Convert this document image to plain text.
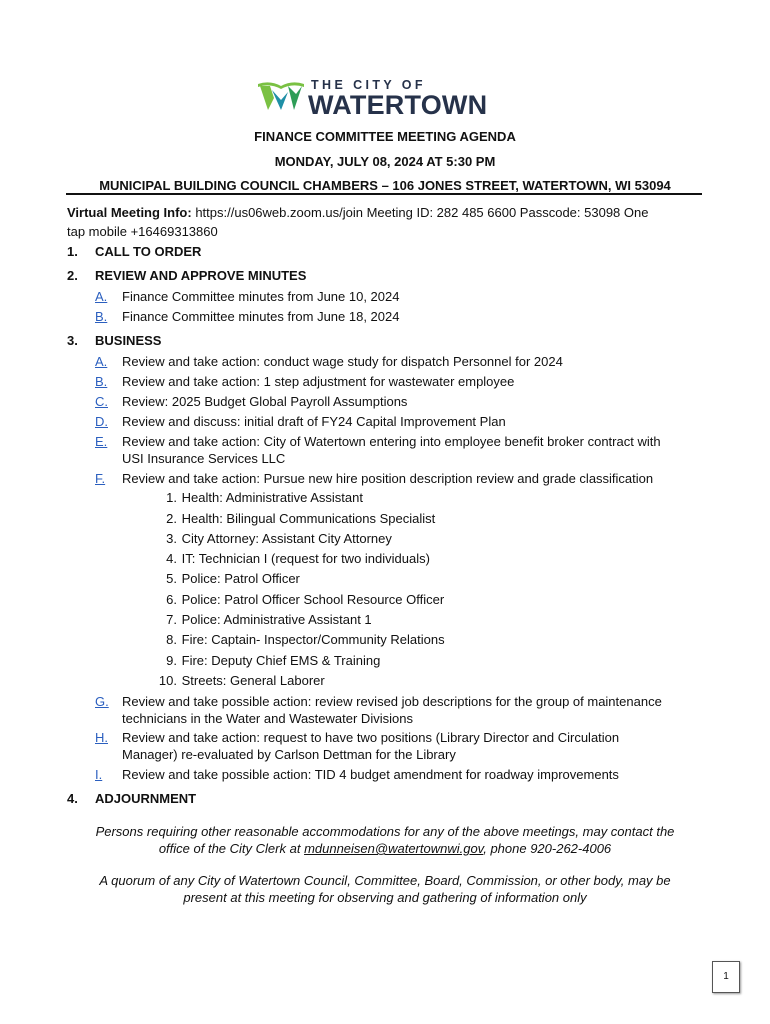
THE CITY OF
WATERTOWN
FINANCE COMMITTEE MEETING AGENDA
MONDAY, JULY 08, 2024 AT 5:30 PM
MUNICIPAL BUILDING COUNCIL CHAMBERS – 106 JONES STREET, WATERTOWN, WI 53094
Virtual Meeting Info: https://us06web.zoom.us/join Meeting ID: 282 485 6600 Passcode: 53098 One
tap mobile +16469313860
1. CALL TO ORDER
2. REVIEW AND APPROVE MINUTES
A. Finance Committee minutes from June 10, 2024
B. Finance Committee minutes from June 18, 2024
3. BUSINESS
A. Review and take action: conduct wage study for dispatch Personnel for 2024
B. Review and take action: 1 step adjustment for wastewater employee
C. Review: 2025 Budget Global Payroll Assumptions
D. Review and discuss: initial draft of FY24 Capital Improvement Plan
E. Review and take action: City of Watertown entering into employee benefit broker contract with
USI Insurance Services LLC
F. Review and take action: Pursue new hire position description review and grade classification
1. Health: Administrative Assistant
2. Health: Bilingual Communications Specialist
3. City Attorney: Assistant City Attorney
4. IT: Technician I (request for two individuals)
5. Police: Patrol Officer
6. Police: Patrol Officer School Resource Officer
7. Police: Administrative Assistant 1
8. Fire: Captain- Inspector/Community Relations
9. Fire: Deputy Chief EMS & Training
10. Streets: General Laborer
G. Review and take possible action: review revised job descriptions for the group of maintenance
technicians in the Water and Wastewater Divisions
H. Review and take action: request to have two positions (Library Director and Circulation
Manager) re-evaluated by Carlson Dettman for the Library
I. Review and take possible action: TID 4 budget amendment for roadway improvements
4. ADJOURNMENT
Persons requiring other reasonable accommodations for any of the above meetings, may contact the
office of the City Clerk at mdunneisen@watertownwi.gov, phone 920-262-4006
A quorum of any City of Watertown Council, Committee, Board, Commission, or other body, may be
present at this meeting for observing and gathering of information only
1
